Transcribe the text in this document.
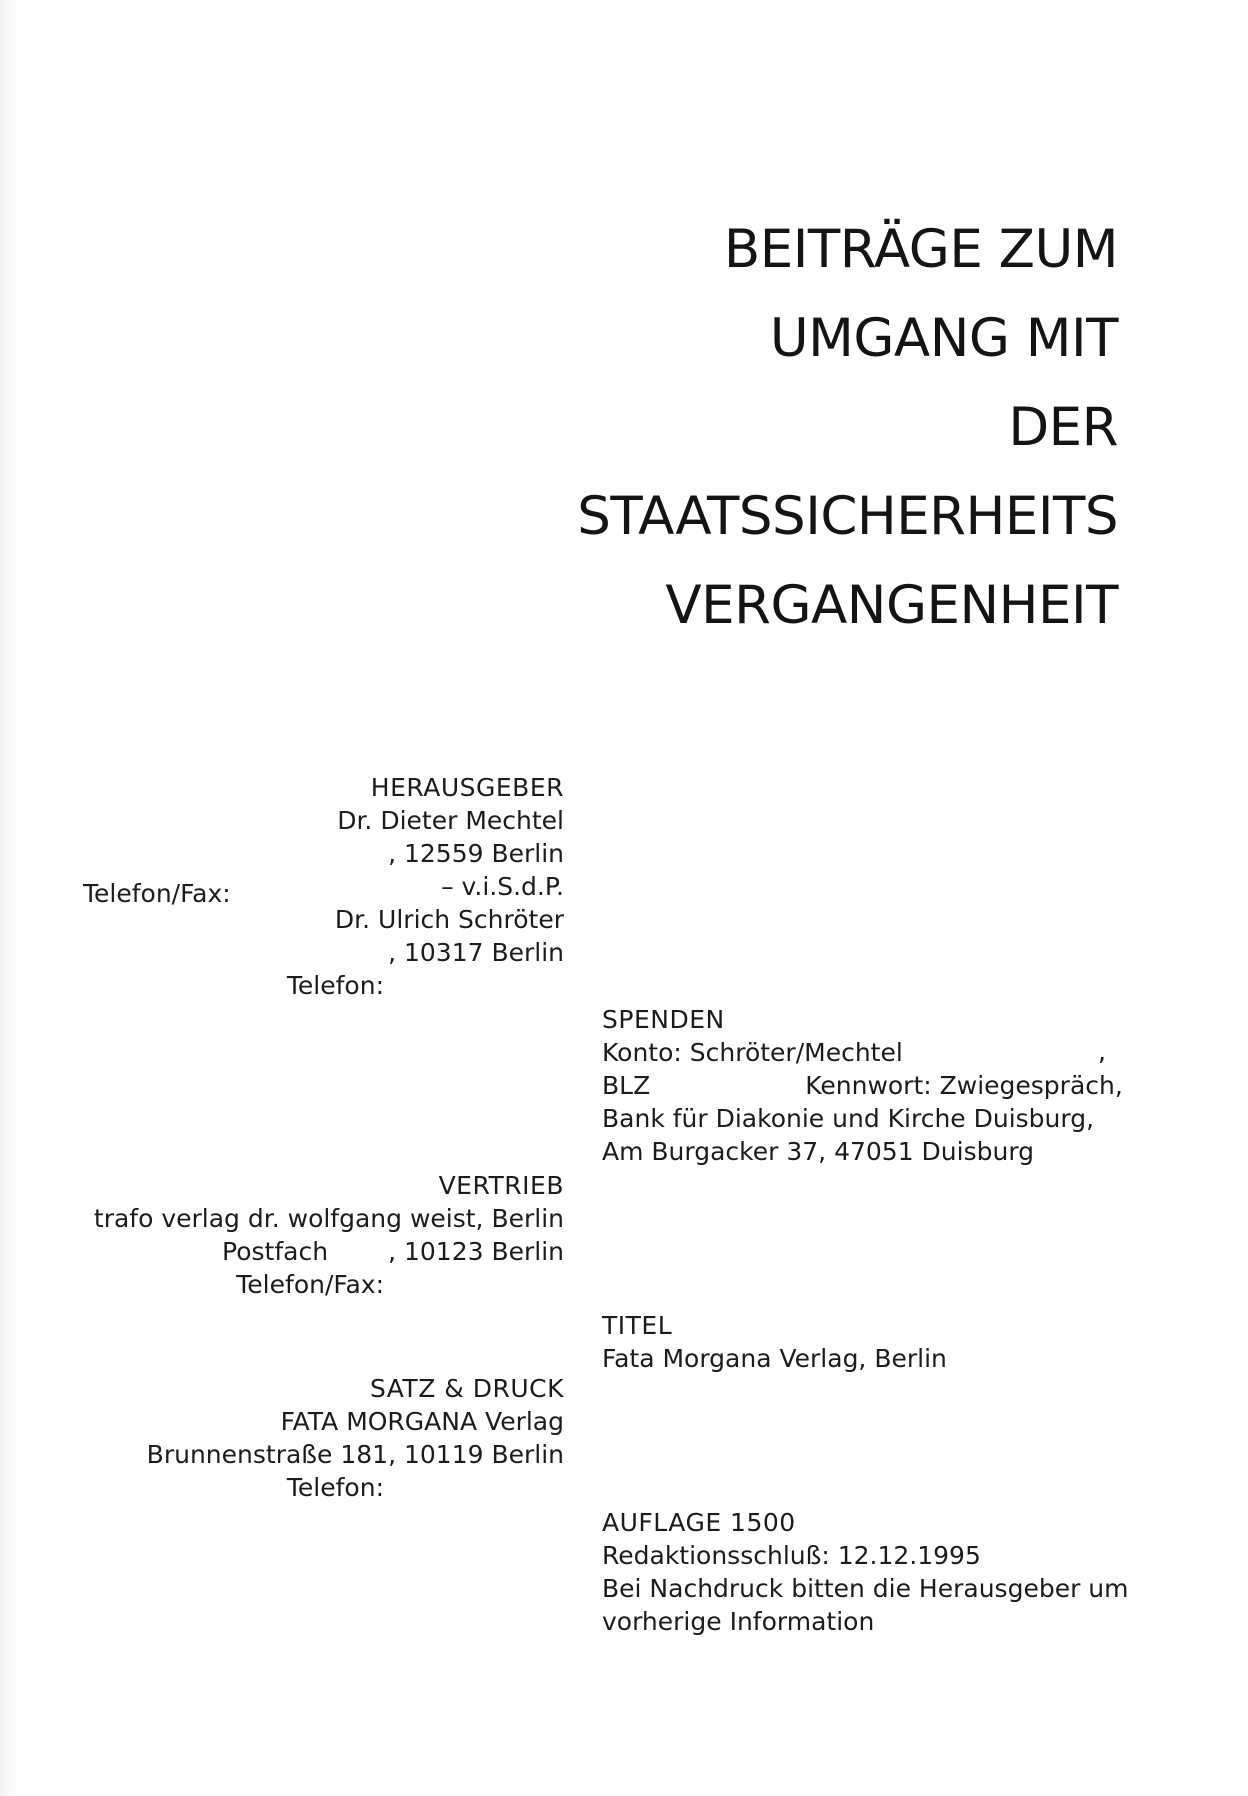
BEITRÄGE ZUM
UMGANG MIT
DER
STAATSSICHERHEITS
VERGANGENHEIT
HERAUSGEBER
Dr. Dieter Mechtel
, 12559 Berlin
– v.i.S.d.P.
Dr. Ulrich Schröter
, 10317 Berlin
Telefon:
Telefon/Fax:
VERTRIEB
trafo verlag dr. wolfgang weist, Berlin
Postfach , 10123 Berlin
Telefon/Fax:
SATZ & DRUCK
FATA MORGANA Verlag
Brunnenstraße 181, 10119 Berlin
Telefon:
SPENDEN
Konto: Schröter/Mechtel
BLZ	Kennwort: Zwiegespräch,
Bank für Diakonie und Kirche Duisburg,
Am Burgacker 37, 47051 Duisburg
,
TITEL
Fata Morgana Verlag, Berlin
AUFLAGE 1500
Redaktionsschluß: 12.12.1995
Bei Nachdruck bitten die Herausgeber um
vorherige Information
